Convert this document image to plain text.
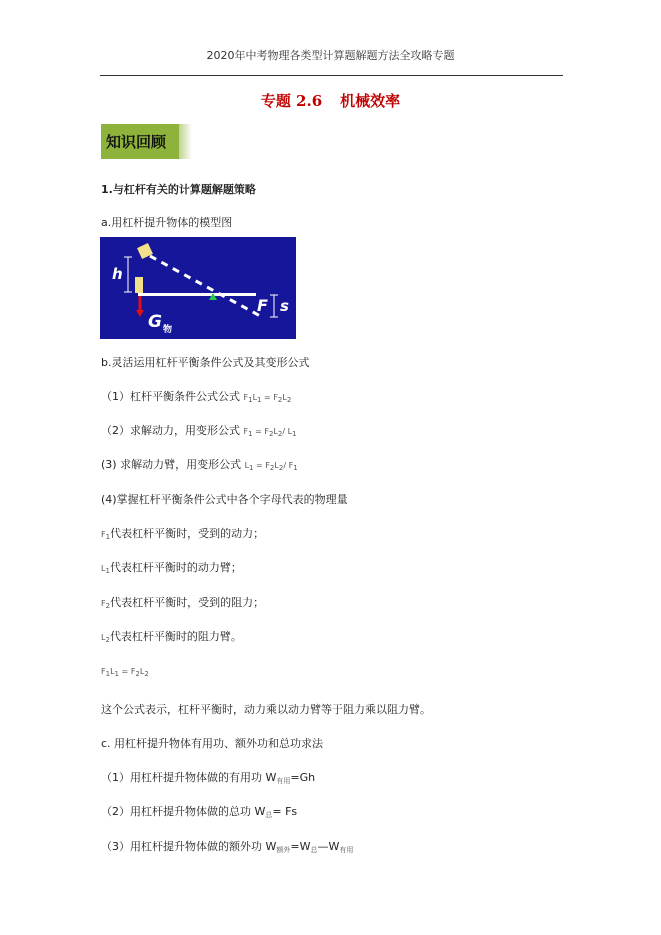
2020年中考物理各类型计算题解题方法全攻略专题
专题 2.6 机械效率
知识回顾
1.与杠杆有关的计算题解题策略
a.用杠杆提升物体的模型图
h
G 物
F s
b.灵活运用杠杆平衡条件公式及其变形公式
（1）杠杆平衡条件公式公式 F1L1 = F2L2
（2）求解动力，用变形公式 F1 = F2L2/ L1
(3) 求解动力臂，用变形公式 L1 = F2L2/ F1
(4)掌握杠杆平衡条件公式中各个字母代表的物理量
$F_1$代表杠杆平衡时，受到的动力；
$L_1$代表杠杆平衡时的动力臂；
$F_2$代表杠杆平衡时，受到的阻力；
$L_2$代表杠杆平衡时的阻力臂。
F1L1 = F2L2
这个公式表示，杠杆平衡时，动力乘以动力臂等于阻力乘以阻力臂。
c. 用杠杆提升物体有用功、额外功和总功求法
（1）用杠杆提升物体做的有用功 $W_{有用}=Gh$
（2）用杠杆提升物体做的总功 $W_总= Fs$
（3）用杠杆提升物体做的额外功 $W_{额外}=W_总—W_{有用}$
